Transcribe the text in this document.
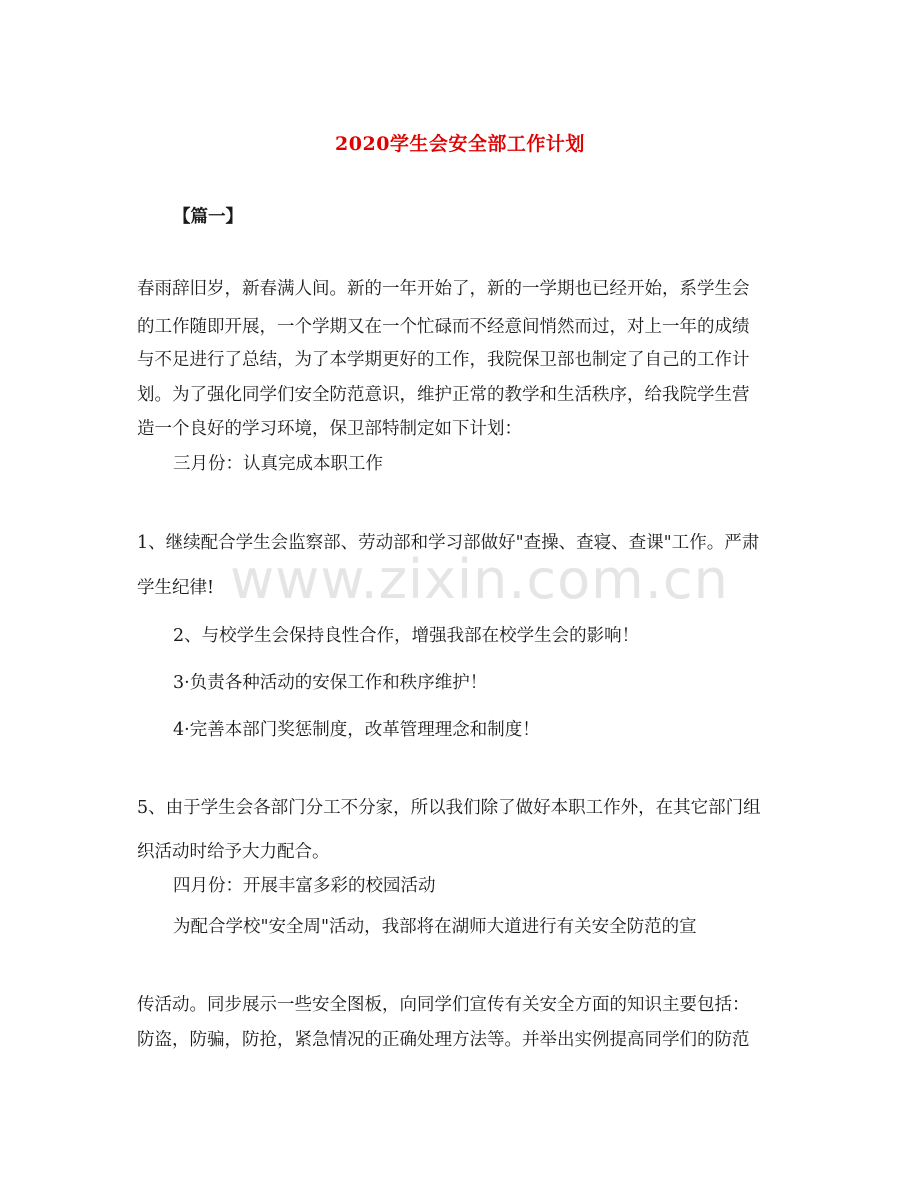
2020学生会安全部工作计划
【篇一】
春雨辞旧岁，新春满人间。新的一年开始了，新的一学期也已经开始，系学生会
的工作随即开展，一个学期又在一个忙碌而不经意间悄然而过，对上一年的成绩
与不足进行了总结，为了本学期更好的工作，我院保卫部也制定了自己的工作计
划。为了强化同学们安全防范意识，维护正常的教学和生活秩序，给我院学生营
造一个良好的学习环境，保卫部特制定如下计划：
三月份：认真完成本职工作
1、继续配合学生会监察部、劳动部和学习部做好"查操、查寝、查课"工作。严肃
学生纪律!
2、与校学生会保持良性合作，增强我部在校学生会的影响！
3·负责各种活动的安保工作和秩序维护！
4·完善本部门奖惩制度，改革管理理念和制度！
5、由于学生会各部门分工不分家，所以我们除了做好本职工作外，在其它部门组
织活动时给予大力配合。
四月份：开展丰富多彩的校园活动
为配合学校"安全周"活动，我部将在湖师大道进行有关安全防范的宣
传活动。同步展示一些安全图板，向同学们宣传有关安全方面的知识主要包括：
防盗，防骗，防抢，紧急情况的正确处理方法等。并举出实例提高同学们的防范
www.zixin.com.cn
